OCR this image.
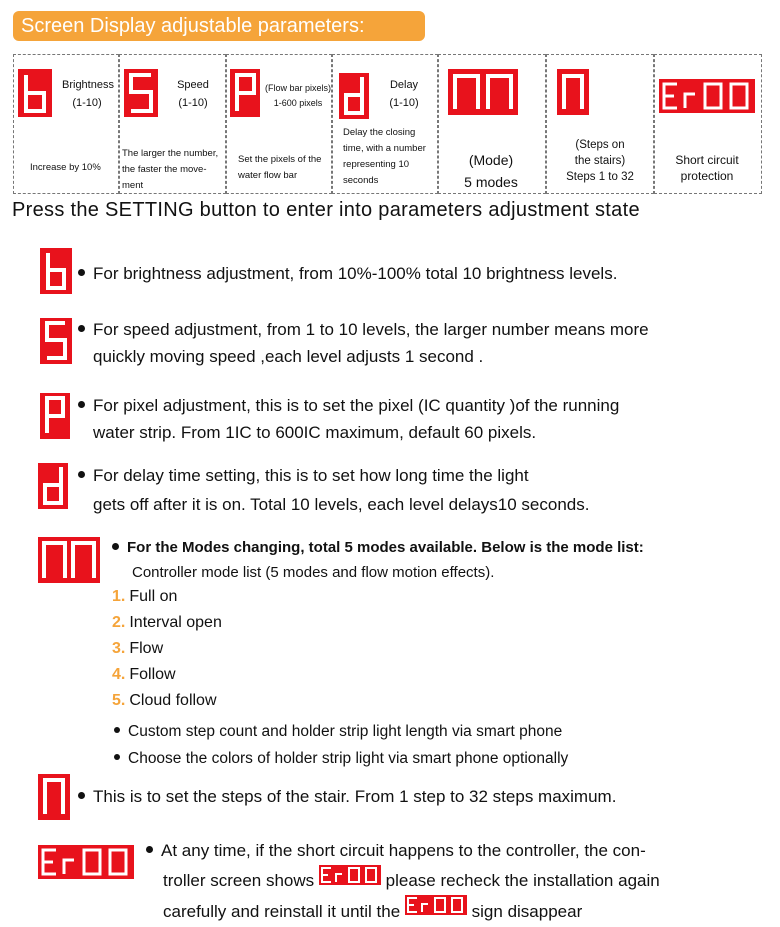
Screen Display adjustable parameters:
Brightness
(1-10)
Increase by 10%
Speed
(1-10)
The larger the number,
the faster the move-
ment
(Flow bar pixels)
1-600 pixels
Set the pixels of the
water flow bar
Delay
(1-10)
Delay the closing
time, with a number
representing 10
seconds
(Mode)
5 modes
(Steps on
the stairs)
Steps 1 to 32
Short circuit
protection
Press the SETTING button to enter into parameters adjustment state
For brightness adjustment, from 10%-100% total 10 brightness levels.
For speed adjustment, from 1 to 10 levels, the larger number means more
quickly moving speed ,each level adjusts 1 second .
For pixel adjustment, this is to set the pixel (IC quantity )of the running
water strip. From 1IC to 600IC maximum, default 60 pixels.
For delay time setting, this is to set how long time the light
gets off after it is on. Total 10 levels, each level delays10 seconds.
For the Modes changing, total 5 modes available. Below is the mode list:
Controller mode list (5 modes and flow motion effects).
1. Full on
2. Interval open
3. Flow
4. Follow
5. Cloud follow
Custom step count and holder strip light length via smart phone
Choose the colors of holder strip light via smart phone optionally
This is to set the steps of the stair. From 1 step to 32 steps maximum.
At any time, if the short circuit happens to the controller, the con-
troller screen shows	please recheck the installation again
carefully and reinstall it until the	sign disappear
